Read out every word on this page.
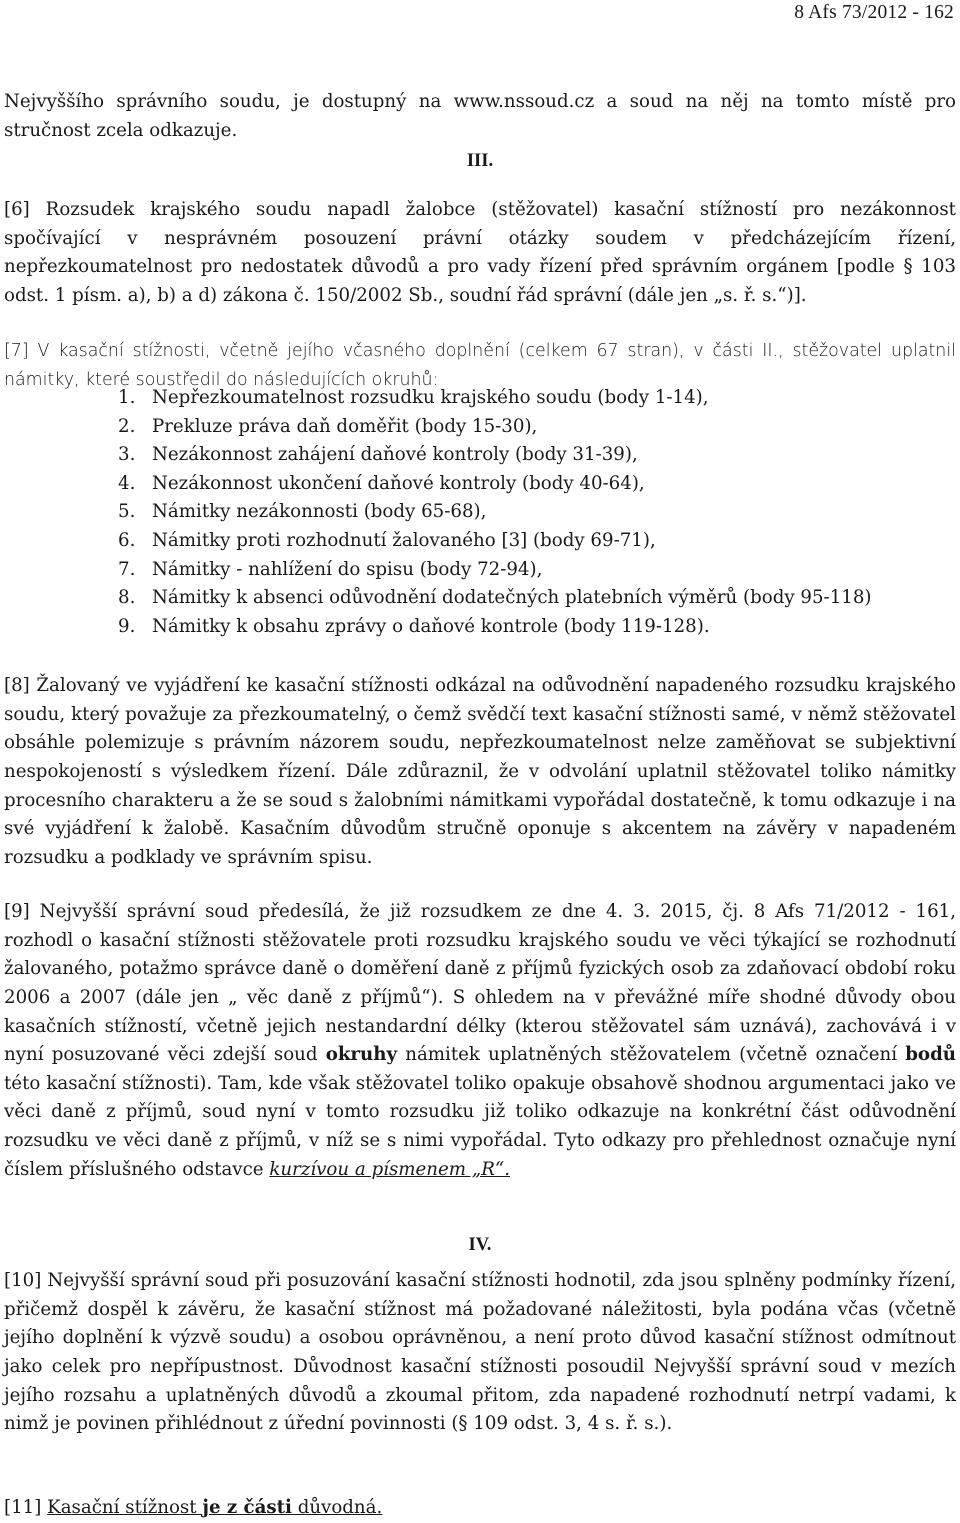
8 Afs 73/2012 - 162

Nejvyššího správního soudu, je dostupný na www.nssoud.cz a soud na něj na tomto místě pro stručnost zcela odkazuje.

III.

[6] Rozsudek krajského soudu napadl žalobce (stěžovatel) kasační stížností pro nezákonnost spočívající v nesprávném posouzení právní otázky soudem v předcházejícím řízení, nepřezkoumatelnost pro nedostatek důvodů a pro vady řízení před správním orgánem [podle § 103 odst. 1 písm. a), b) a d) zákona č. 150/2002 Sb., soudní řád správní (dále jen „s. ř. s.“)].

[7] V kasační stížnosti, včetně jejího včasného doplnění (celkem 67 stran), v části II., stěžovatel uplatnil námitky, které soustředil do následujících okruhů:

1. Nepřezkoumatelnost rozsudku krajského soudu (body 1-14),
2. Prekluze práva daň doměřit (body 15-30),
3. Nezákonnost zahájení daňové kontroly (body 31-39),
4. Nezákonnost ukončení daňové kontroly (body 40-64),
5. Námitky nezákonnosti (body 65-68),
6. Námitky proti rozhodnutí žalovaného [3] (body 69-71),
7. Námitky - nahlížení do spisu (body 72-94),
8. Námitky k absenci odůvodnění dodatečných platebních výměrů (body 95-118)
9. Námitky k obsahu zprávy o daňové kontrole (body 119-128).

[8] Žalovaný ve vyjádření ke kasační stížnosti odkázal na odůvodnění napadeného rozsudku krajského soudu, který považuje za přezkoumatelný, o čemž svědčí text kasační stížnosti samé, v němž stěžovatel obsáhle polemizuje s právním názorem soudu, nepřezkoumatelnost nelze zaměňovat se subjektivní nespokojeností s výsledkem řízení. Dále zdůraznil, že v odvolání uplatnil stěžovatel toliko námitky procesního charakteru a že se soud s žalobními námitkami vypořádal dostatečně, k tomu odkazuje i na své vyjádření k žalobě. Kasačním důvodům stručně oponuje s akcentem na závěry v napadeném rozsudku a podklady ve správním spisu.

[9] Nejvyšší správní soud předesílá, že již rozsudkem ze dne 4. 3. 2015, čj. 8 Afs 71/2012 - 161, rozhodl o kasační stížnosti stěžovatele proti rozsudku krajského soudu ve věci týkající se rozhodnutí žalovaného, potažmo správce daně o doměření daně z příjmů fyzických osob za zdaňovací období roku 2006 a 2007 (dále jen „ věc daně z příjmů“). S ohledem na v převážné míře shodné důvody obou kasačních stížností, včetně jejich nestandardní délky (kterou stěžovatel sám uznává), zachovává i v nyní posuzované věci zdejší soud okruhy námitek uplatněných stěžovatelem (včetně označení bodů této kasační stížnosti). Tam, kde však stěžovatel toliko opakuje obsahově shodnou argumentaci jako ve věci daně z příjmů, soud nyní v tomto rozsudku již toliko odkazuje na konkrétní část odůvodnění rozsudku ve věci daně z příjmů, v níž se s nimi vypořádal. Tyto odkazy pro přehlednost označuje nyní číslem příslušného odstavce kurzívou a písmenem „R“.

IV.

[10] Nejvyšší správní soud při posuzování kasační stížnosti hodnotil, zda jsou splněny podmínky řízení, přičemž dospěl k závěru, že kasační stížnost má požadované náležitosti, byla podána včas (včetně jejího doplnění k výzvě soudu) a osobou oprávněnou, a není proto důvod kasační stížnost odmítnout jako celek pro nepřípustnost. Důvodnost kasační stížnosti posoudil Nejvyšší správní soud v mezích jejího rozsahu a uplatněných důvodů a zkoumal přitom, zda napadené rozhodnutí netrpí vadami, k nimž je povinen přihlédnout z úřední povinnosti (§ 109 odst. 3, 4 s. ř. s.).

[11] Kasační stížnost je z části důvodná.
